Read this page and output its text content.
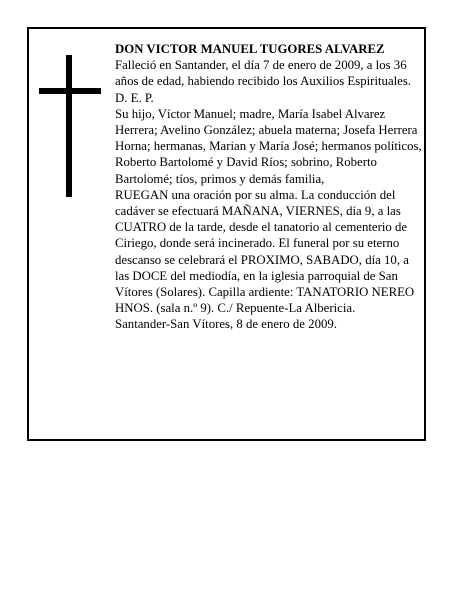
DON VICTOR MANUEL TUGORES ALVAREZ

Falleció en Santander, el día 7 de enero de 2009, a los 36 años de edad, habiendo recibido los Auxilios Espirituales.

D. E. P.

Su hijo, Víctor Manuel; madre, María Isabel Alvarez Herrera; Avelino González; abuela materna; Josefa Herrera Horna; hermanas, Marian y María José; hermanos políticos, Roberto Bartolomé y David Ríos; sobrino, Roberto Bartolomé; tíos, primos y demás familia,

RUEGAN una oración por su alma. La conducción del cadáver se efectuará MAÑANA, VIERNES, día 9, a las CUATRO de la tarde, desde el tanatorio al cementerio de Ciriego, donde será incinerado. El funeral por su eterno descanso se celebrará el PROXIMO, SABADO, día 10, a las DOCE del mediodía, en la iglesia parroquial de San Vítores (Solares). Capilla ardiente: TANATORIO NEREO HNOS. (sala n.º 9). C./ Repuente-La Albericia.

Santander-San Vítores, 8 de enero de 2009.
